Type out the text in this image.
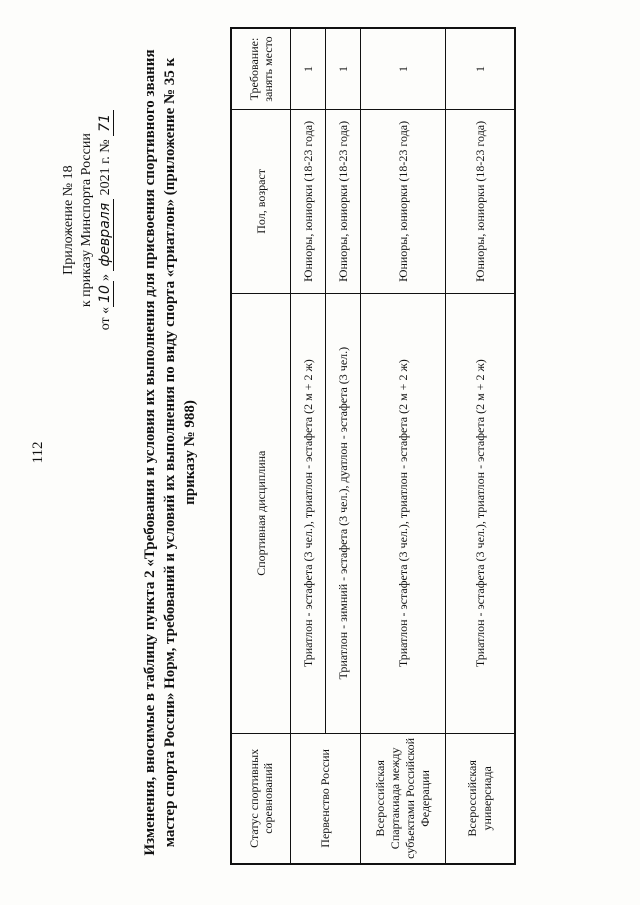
112
Приложение № 18 к приказу Минспорта России
от «10» февраля 2021 г. № 71 Изменения, вносимые в таблицу пункта 2 «Требования и условия их выполнения для присвоения спортивного звания мастер спорта России» Норм, требований и условий их выполнения по виду спорта «триатлон» (приложение № 35 к приказу № 988)
Статус спортивных соревнований	Спортивная дисциплина	Пол, возраст	Требование: занять место
Первенство России	Триатлон - эстафета (3 чел.), триатлон - эстафета (2 м + 2 ж)	Юниоры, юниорки (18-23 года)	1
	Триатлон - зимний - эстафета (3 чел.), дуатлон - эстафета (3 чел.)	Юниоры, юниорки (18-23 года)	1
Всероссийская Спартакиада между субъектами Российской Федерации	Триатлон - эстафета (3 чел.), триатлон - эстафета (2 м + 2 ж)	Юниоры, юниорки (18-23 года)	1
Всероссийская универсиада	Триатлон - эстафета (3 чел.), триатлон - эстафета (2 м + 2 ж)	Юниоры, юниорки (18-23 года)	1
